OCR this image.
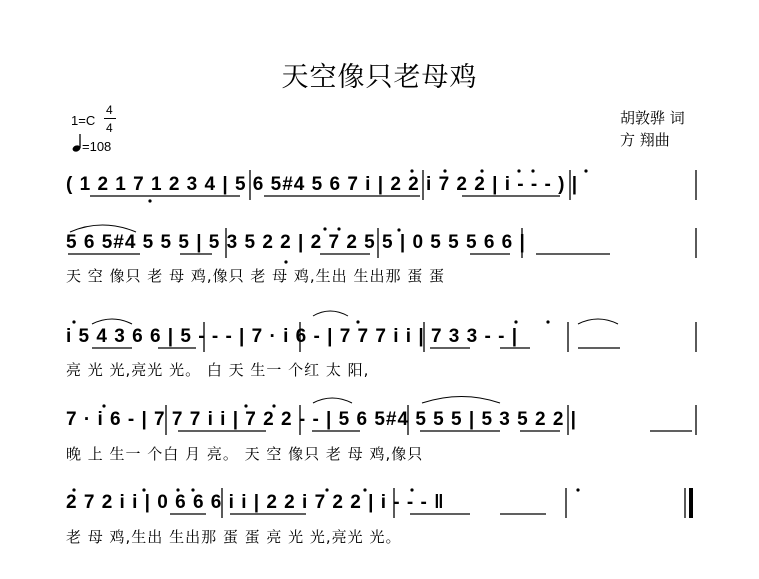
天空像只老母鸡
1=C
4
4

=108
胡敦骅 词
方 翔曲
( 1 2 1 7 1 2 3 4 | 5 6 5#4 5 6 7 i | 2 2 i 7 2 2 | i - - - ) |
5 6 5#4 5 5 5 | 5 3 5 2 2 | 2 7 2 5 5 | 0 5 5 5 6 6 |
天 空 像只 老 母 鸡,像只 老 母 鸡,生出 生出那 蛋 蛋
i 5 4 3 6 6 | 5 - - - | 7 · i 6 - | 7 7 7 i i | 7 3 3 - - |
亮 光 光,亮光 光。 白 天 生一 个红 太 阳,
7 · i 6 - | 7 7 7 i i | 7 2 2 - - | 5 6 5#4 5 5 5 | 5 3 5 2 2 |
晚 上 生一 个白 月 亮。 天 空 像只 老 母 鸡,像只
2 7 2 i i | 0 6 6 6 i i | 2 2 i 7 2 2 | i - - - ‖
老 母 鸡,生出 生出那 蛋 蛋 亮 光 光,亮光 光。
